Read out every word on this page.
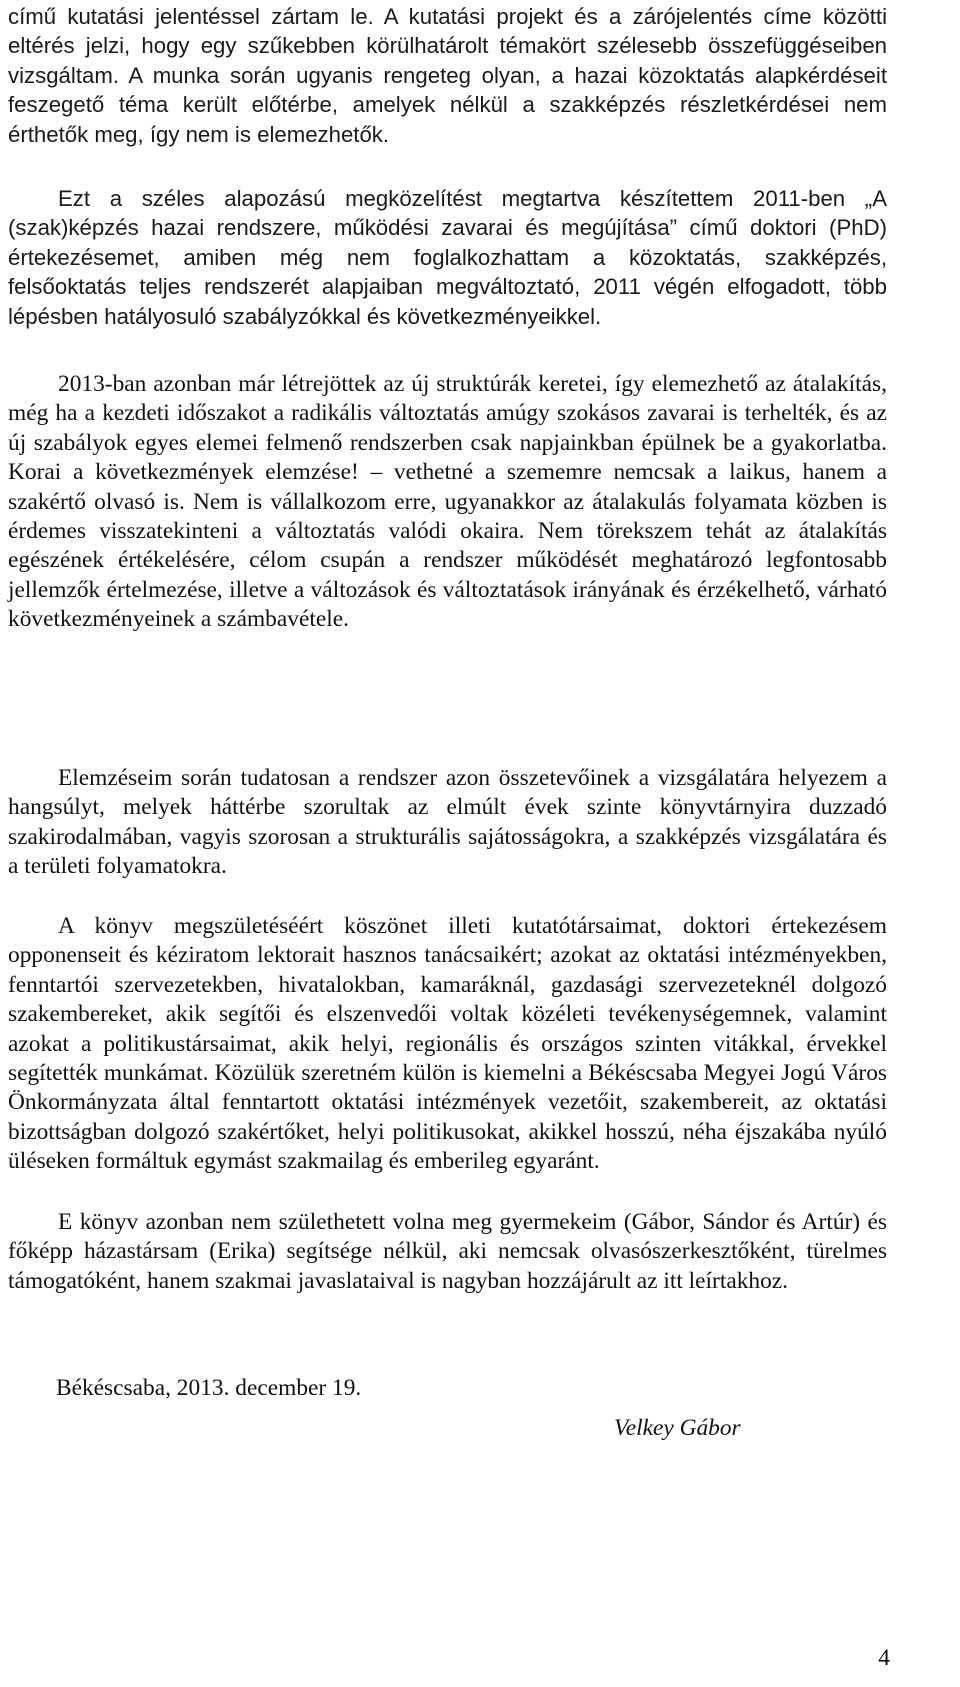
című kutatási jelentéssel zártam le. A kutatási projekt és a zárójelentés címe közötti eltérés jelzi, hogy egy szűkebben körülhatárolt témakört szélesebb összefüggéseiben vizsgáltam. A munka során ugyanis rengeteg olyan, a hazai közoktatás alapkérdéseit feszegető téma került előtérbe, amelyek nélkül a szakképzés részletkérdései nem érthetők meg, így nem is elemezhetők.

Ezt a széles alapozású megközelítést megtartva készítettem 2011-ben „A (szak)képzés hazai rendszere, működési zavarai és megújítása” című doktori (PhD) értekezésemet, amiben még nem foglalkozhattam a közoktatás, szakképzés, felsőoktatás teljes rendszerét alapjaiban megváltoztató, 2011 végén elfogadott, több lépésben hatályosuló szabályzókkal és következményeikkel.

2013-ban azonban már létrejöttek az új struktúrák keretei, így elemezhető az átalakítás, még ha a kezdeti időszakot a radikális változtatás amúgy szokásos zavarai is terhelték, és az új szabályok egyes elemei felmenő rendszerben csak napjainkban épülnek be a gyakorlatba. Korai a következmények elemzése! – vethetné a szememre nemcsak a laikus, hanem a szakértő olvasó is. Nem is vállalkozom erre, ugyanakkor az átalakulás folyamata közben is érdemes visszatekinteni a változtatás valódi okaira. Nem törekszem tehát az átalakítás egészének értékelésére, célom csupán a rendszer működését meghatározó legfontosabb jellemzők értelmezése, illetve a változások és változtatások irányának és érzékelhető, várható következményeinek a számbavétele.

Elemzéseim során tudatosan a rendszer azon összetevőinek a vizsgálatára helyezem a hangsúlyt, melyek háttérbe szorultak az elmúlt évek szinte könyvtárnyira duzzadó szakirodalmában, vagyis szorosan a strukturális sajátosságokra, a szakképzés vizsgálatára és a területi folyamatokra.

A könyv megszületéséért köszönet illeti kutatótársaimat, doktori értekezésem opponenseit és kéziratom lektorait hasznos tanácsaikért; azokat az oktatási intézményekben, fenntartói szervezetekben, hivatalokban, kamaráknál, gazdasági szervezeteknél dolgozó szakembereket, akik segítői és elszenvedői voltak közéleti tevékenységemnek, valamint azokat a politikustársaimat, akik helyi, regionális és országos szinten vitákkal, érvekkel segítették munkámat. Közülük szeretném külön is kiemelni a Békéscsaba Megyei Jogú Város Önkormányzata által fenntartott oktatási intézmények vezetőit, szakembereit, az oktatási bizottságban dolgozó szakértőket, helyi politikusokat, akikkel hosszú, néha éjszakába nyúló üléseken formáltuk egymást szakmailag és emberileg egyaránt.

E könyv azonban nem születhetett volna meg gyermekeim (Gábor, Sándor és Artúr) és főképp házastársam (Erika) segítsége nélkül, aki nemcsak olvasószerkesztőként, türelmes támogatóként, hanem szakmai javaslataival is nagyban hozzájárult az itt leírtakhoz.

Békéscsaba, 2013. december 19.

Velkey Gábor

4
